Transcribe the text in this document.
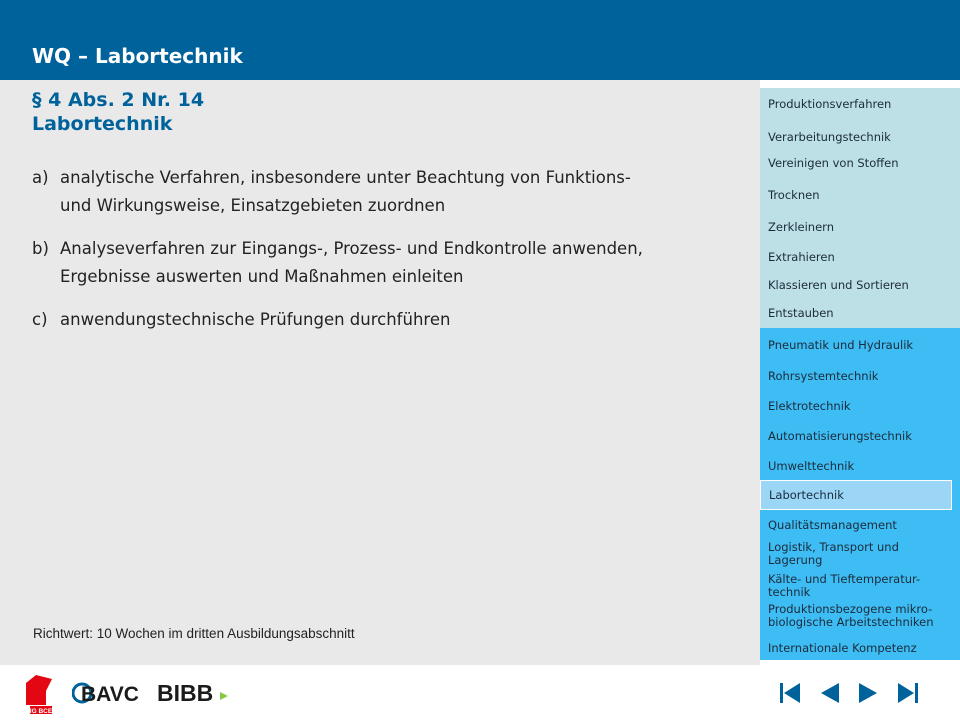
WQ – Labortechnik
§ 4 Abs. 2 Nr. 14
Labortechnik
a) analytische Verfahren, insbesondere unter Beachtung von Funktions-
und Wirkungsweise, Einsatzgebieten zuordnen
b) Analyseverfahren zur Eingangs-, Prozess- und Endkontrolle anwenden,
Ergebnisse auswerten und Maßnahmen einleiten
c) anwendungstechnische Prüfungen durchführen
Richtwert: 10 Wochen im dritten Ausbildungsabschnitt
Produktionsverfahren
Verarbeitungstechnik
Vereinigen von Stoffen
Trocknen
Zerkleinern
Extrahieren
Klassieren und Sortieren
Entstauben
Pneumatik und Hydraulik
Rohrsystemtechnik
Elektrotechnik
Automatisierungstechnik
Umwelttechnik
Labortechnik
Qualitätsmanagement
Logistik, Transport und
Lagerung
Kälte- und Tieftemperatur-
technik
Produktionsbezogene mikro-
biologische Arbeitstechniken
Internationale Kompetenz
IG BCE
BAVC BIBB
